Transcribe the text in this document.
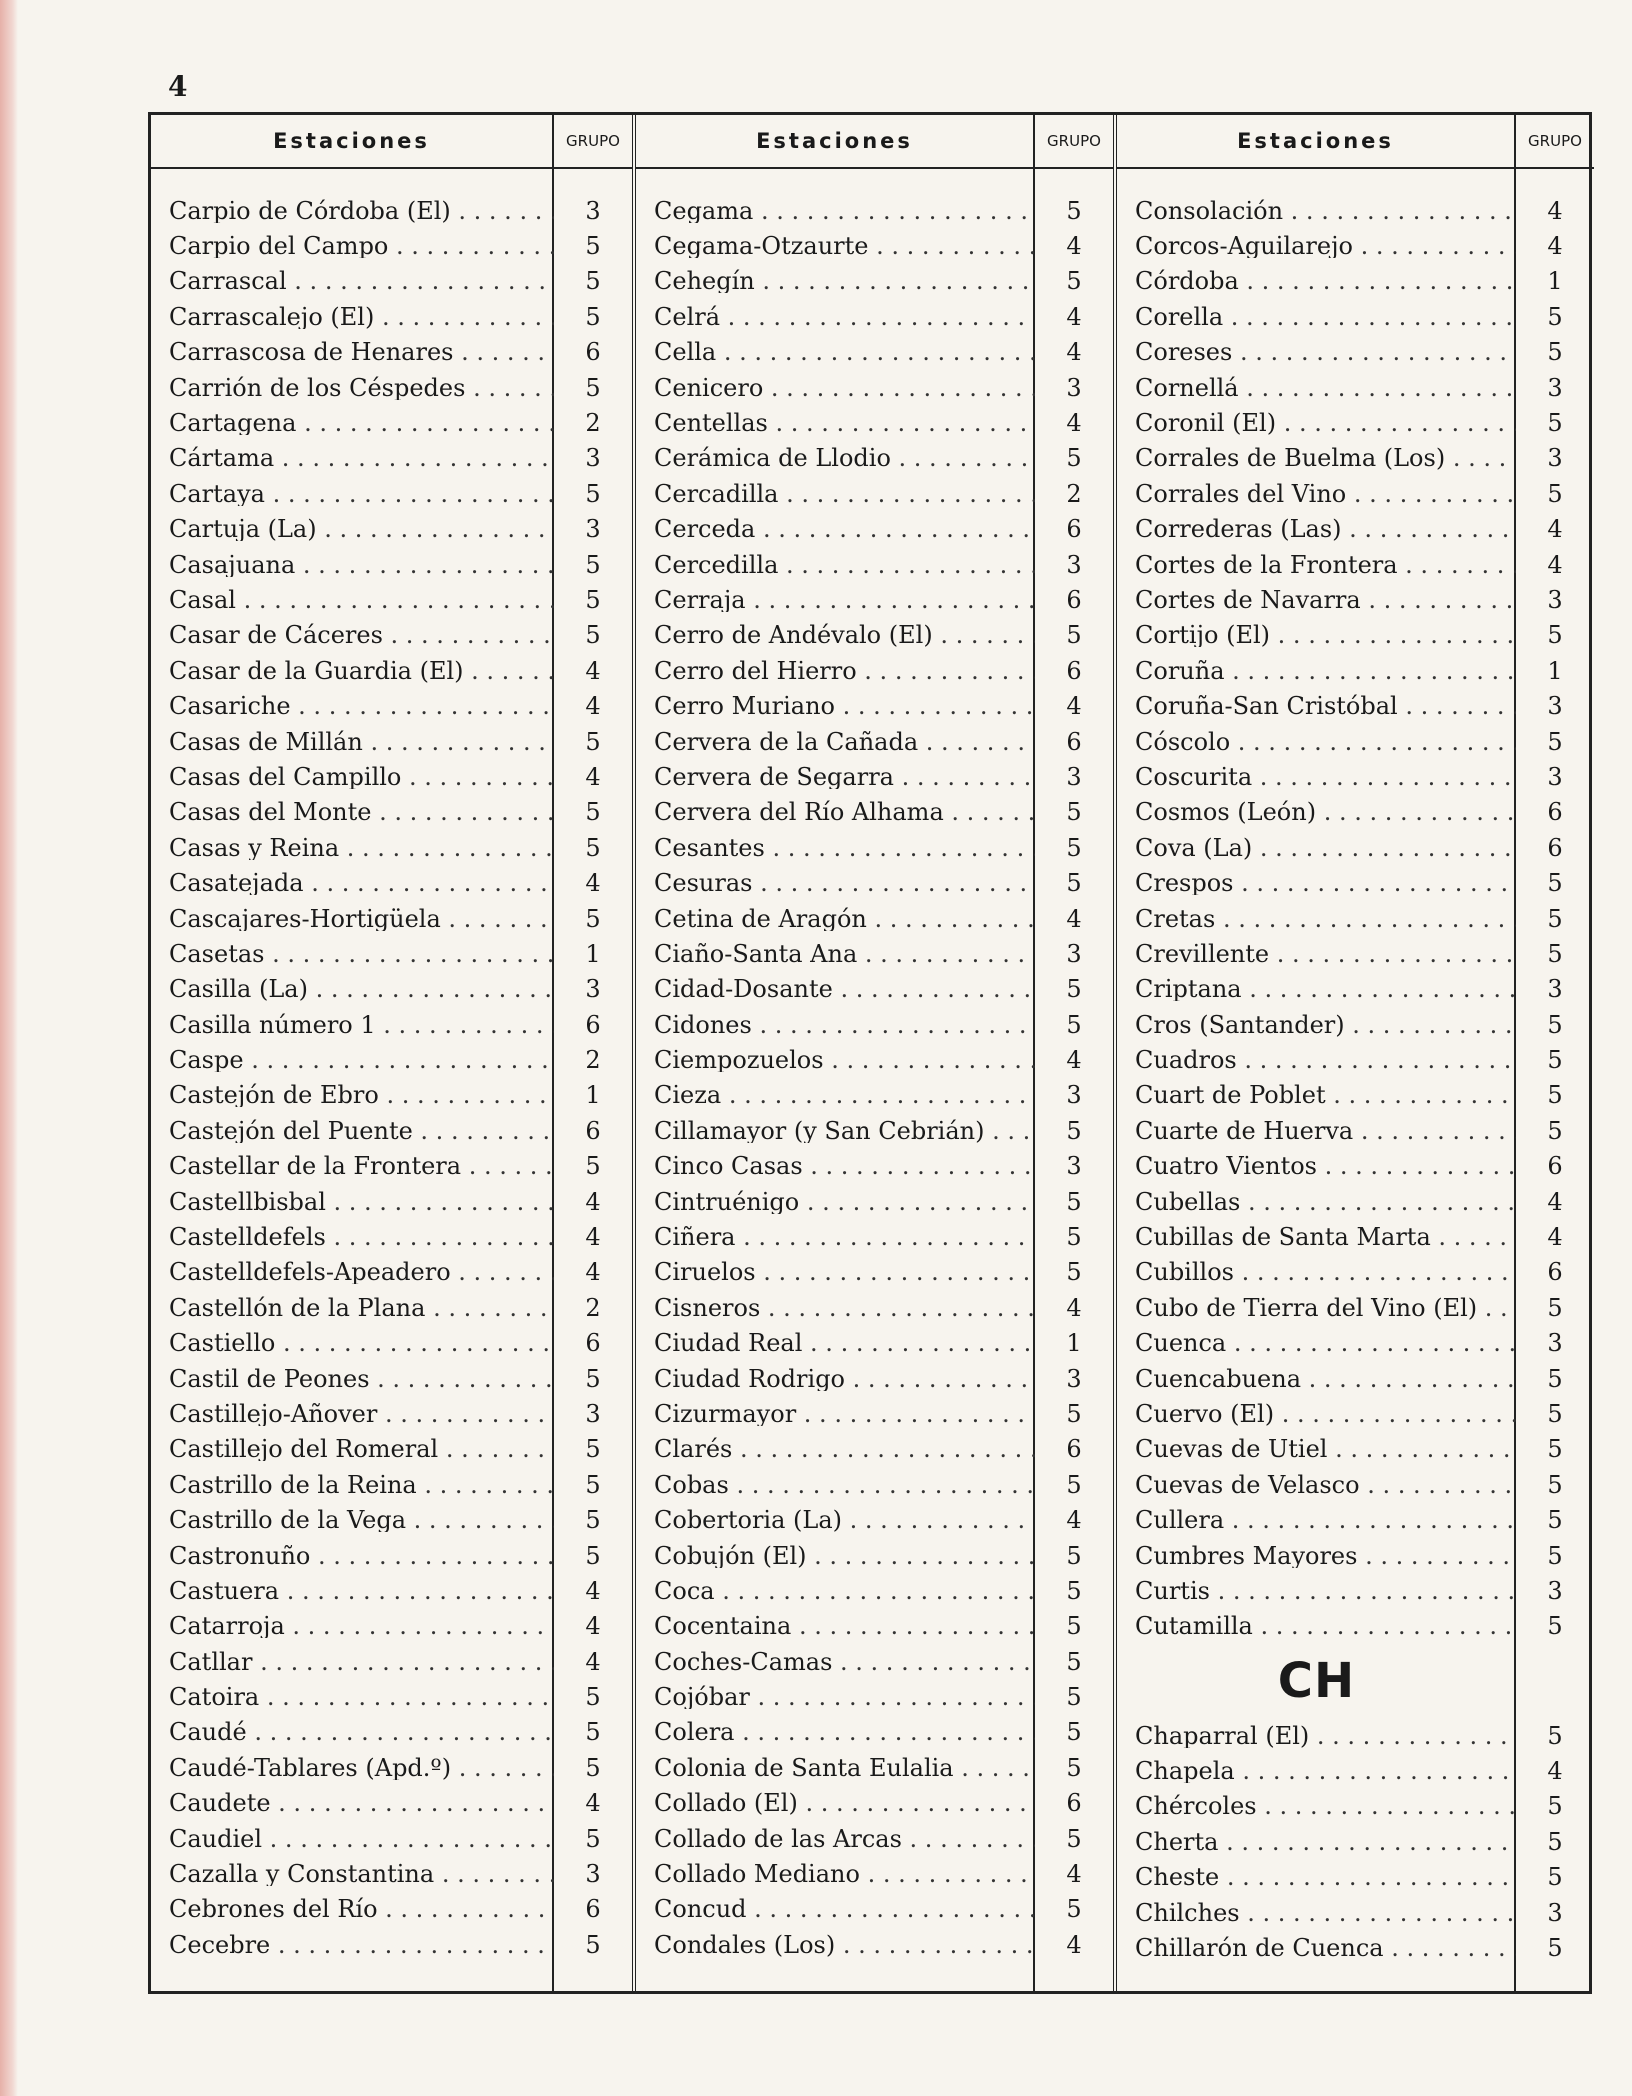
4
Estaciones	GRUPO
Carpio de Córdoba (El) . . .	3
Carpio del Campo . . .	5
Carrascal . . .	5
Carrascalejo (El) . . .	5
Carrascosa de Henares . . .	6
Carrión de los Céspedes . . .	5
Cartagena . . .	2
Cártama . . .	3
Cartaya . . .	5
Cartuja (La) . . .	3
Casajuana . . .	5
Casal . . .	5
Casar de Cáceres . . .	5
Casar de la Guardia (El) . . .	4
Casariche . . .	4
Casas de Millán . . .	5
Casas del Campillo . . .	4
Casas del Monte . . .	5
Casas y Reina . . .	5
Casatejada . . .	4
Cascajares-Hortigüela . . .	5
Casetas . . .	1
Casilla (La) . . .	3
Casilla número 1 . . .	6
Caspe . . .	2
Castejón de Ebro . . .	1
Castejón del Puente . . .	6
Castellar de la Frontera . . .	5
Castellbisbal . . .	4
Castelldefels . . .	4
Castelldefels-Apeadero . . .	4
Castellón de la Plana . . .	2
Castiello . . .	6
Castil de Peones . . .	5
Castillejo-Añover . . .	3
Castillejo del Romeral . . .	5
Castrillo de la Reina . . .	5
Castrillo de la Vega . . .	5
Castronuño . . .	5
Castuera . . .	4
Catarroja . . .	4
Catllar . . .	4
Catoira . . .	5
Caudé . . .	5
Caudé-Tablares (Apd.º) . . .	5
Caudete . . .	4
Caudiel . . .	5
Cazalla y Constantina . . .	3
Cebrones del Río . . .	6
Cecebre . . .	5
Estaciones	GRUPO
Cegama . . .	5
Cegama-Otzaurte . . .	4
Cehegín . . .	5
Celrá . . .	4
Cella . . .	4
Cenicero . . .	3
Centellas . . .	4
Cerámica de Llodio . . .	5
Cercadilla . . .	2
Cerceda . . .	6
Cercedilla . . .	3
Cerraja . . .	6
Cerro de Andévalo (El) . . .	5
Cerro del Hierro . . .	6
Cerro Muriano . . .	4
Cervera de la Cañada . . .	6
Cervera de Segarra . . .	3
Cervera del Río Alhama . . .	5
Cesantes . . .	5
Cesuras . . .	5
Cetina de Aragón . . .	4
Ciaño-Santa Ana . . .	3
Cidad-Dosante . . .	5
Cidones . . .	5
Ciempozuelos . . .	4
Cieza . . .	3
Cillamayor (y San Cebrián) . . .	5
Cinco Casas . . .	3
Cintruénigo . . .	5
Ciñera . . .	5
Ciruelos . . .	5
Cisneros . . .	4
Ciudad Real . . .	1
Ciudad Rodrigo . . .	3
Cizurmayor . . .	5
Clarés . . .	6
Cobas . . .	5
Cobertoria (La) . . .	4
Cobujón (El) . . .	5
Coca . . .	5
Cocentaina . . .	5
Coches-Camas . . .	5
Cojóbar . . .	5
Colera . . .	5
Colonia de Santa Eulalia . . .	5
Collado (El) . . .	6
Collado de las Arcas . . .	5
Collado Mediano . . .	4
Concud . . .	5
Condales (Los) . . .	4
Estaciones	GRUPO
Consolación . . .	4
Corcos-Aguilarejo . . .	4
Córdoba . . .	1
Corella . . .	5
Coreses . . .	5
Cornellá . . .	3
Coronil (El) . . .	5
Corrales de Buelma (Los) . . .	3
Corrales del Vino . . .	5
Correderas (Las) . . .	4
Cortes de la Frontera . . .	4
Cortes de Navarra . . .	3
Cortijo (El) . . .	5
Coruña . . .	1
Coruña-San Cristóbal . . .	3
Cóscolo . . .	5
Coscurita . . .	3
Cosmos (León) . . .	6
Cova (La) . . .	6
Crespos . . .	5
Cretas . . .	5
Crevillente . . .	5
Criptana . . .	3
Cros (Santander) . . .	5
Cuadros . . .	5
Cuart de Poblet . . .	5
Cuarte de Huerva . . .	5
Cuatro Vientos . . .	6
Cubellas . . .	4
Cubillas de Santa Marta . . .	4
Cubillos . . .	6
Cubo de Tierra del Vino (El) . . .	5
Cuenca . . .	3
Cuencabuena . . .	5
Cuervo (El) . . .	5
Cuevas de Utiel . . .	5
Cuevas de Velasco . . .	5
Cullera . . .	5
Cumbres Mayores . . .	5
Curtis . . .	3
Cutamilla . . .	5
CH
Chaparral (El) . . .	5
Chapela . . .	4
Chércoles . . .	5
Cherta . . .	5
Cheste . . .	5
Chilches . . .	3
Chillarón de Cuenca . . .	5
